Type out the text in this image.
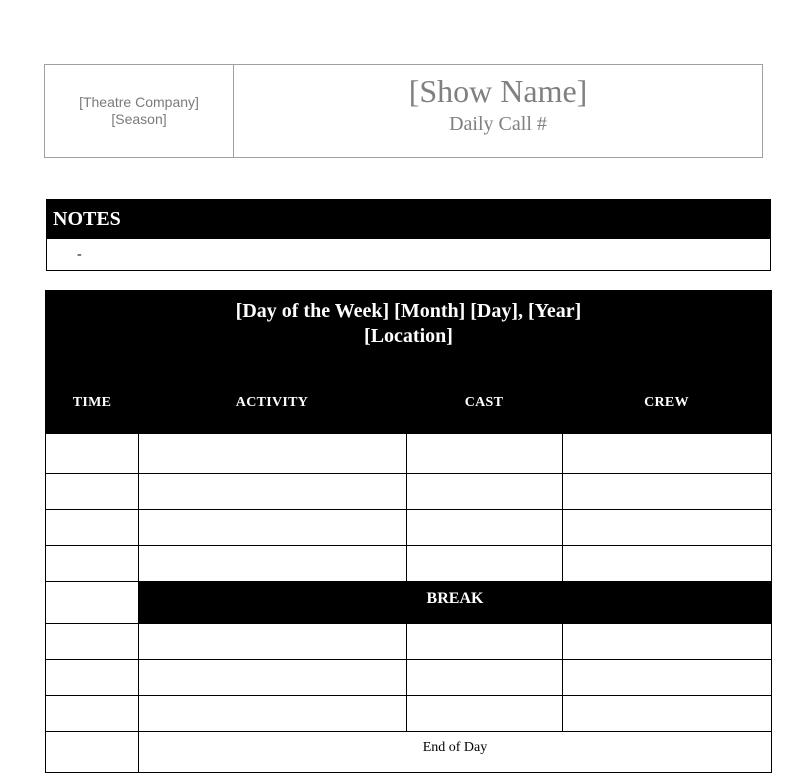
[Theatre Company]
[Season]
[Show Name]
Daily Call #
NOTES
-
[Day of the Week] [Month] [Day], [Year]
[Location]
TIME	ACTIVITY	CAST	CREW
BREAK
End of Day
